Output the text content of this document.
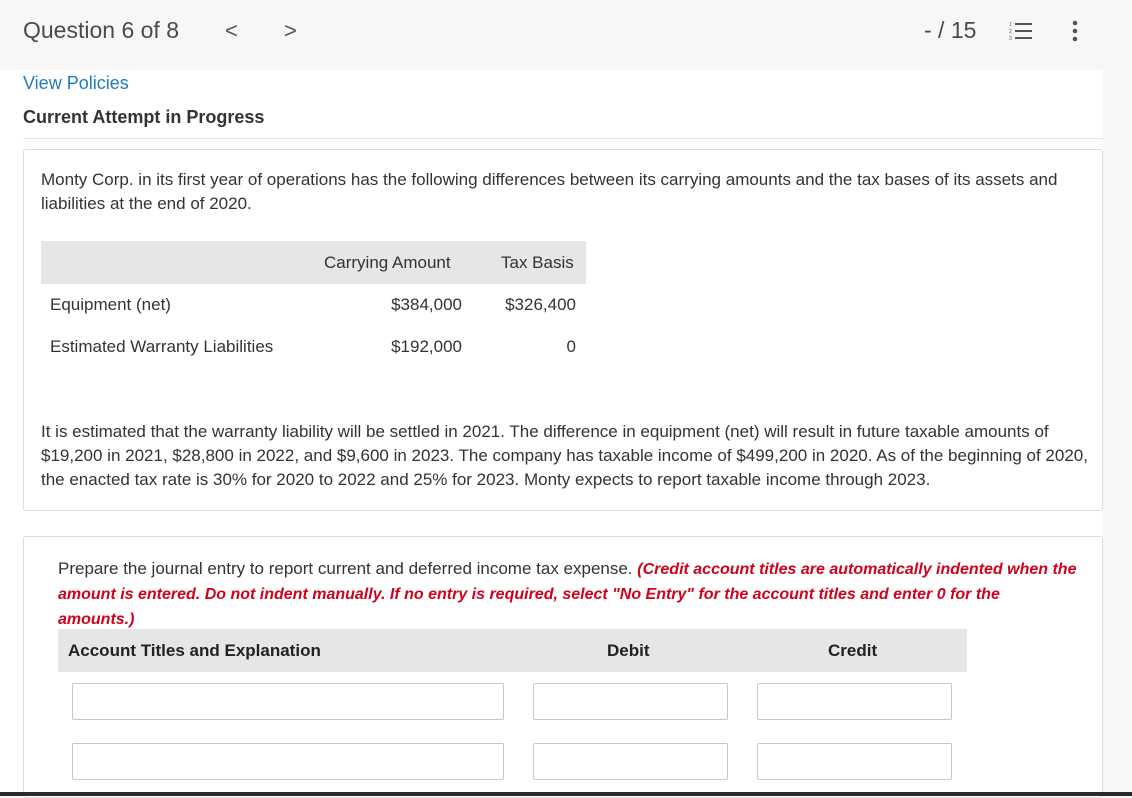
Question 6 of 8 < >	- / 15	1
2
3
View Policies
Current Attempt in Progress
Monty Corp. in its first year of operations has the following differences between its carrying amounts and the tax bases of its assets and liabilities at the end of 2020.
Carrying Amount	Tax Basis
Equipment (net)	$384,000	$326,400
Estimated Warranty Liabilities	$192,000	0
It is estimated that the warranty liability will be settled in 2021. The difference in equipment (net) will result in future taxable amounts of $19,200 in 2021, $28,800 in 2022, and $9,600 in 2023. The company has taxable income of $499,200 in 2020. As of the beginning of 2020, the enacted tax rate is 30% for 2020 to 2022 and 25% for 2023. Monty expects to report taxable income through 2023.
Prepare the journal entry to report current and deferred income tax expense. (Credit account titles are automatically indented when the amount is entered. Do not indent manually. If no entry is required, select "No Entry" for the account titles and enter 0 for the amounts.)
Account Titles and Explanation	Debit	Credit
